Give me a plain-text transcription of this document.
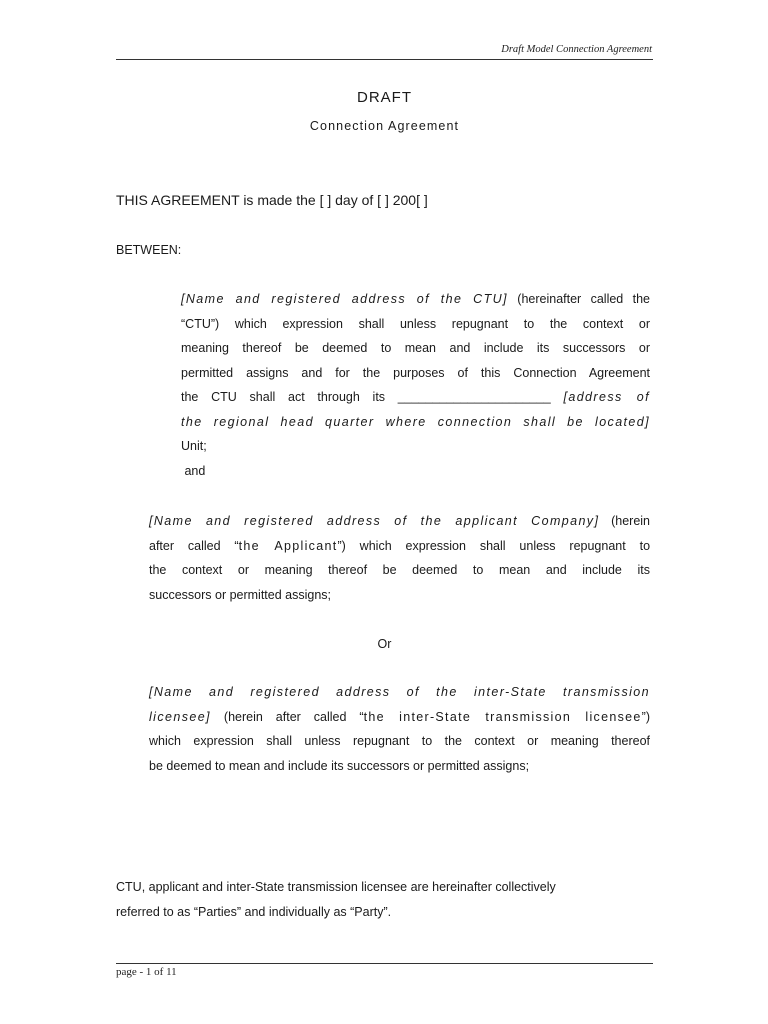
Draft Model Connection Agreement
DRAFT
Connection Agreement
THIS AGREEMENT is made the [ ] day of [ ] 200[ ]
BETWEEN:
[Name and registered address of the CTU] (hereinafter called the
“CTU”) which expression shall unless repugnant to the context or
meaning thereof be deemed to mean and include its successors or
permitted assigns and for the purposes of this Connection Agreement
the CTU shall act through its ______________________ [address of
the regional head quarter where connection shall be located]
Unit;
and
[Name and registered address of the applicant Company] (herein
after called “the Applicant”) which expression shall unless repugnant to
the context or meaning thereof be deemed to mean and include its
successors or permitted assigns;
Or
[Name and registered address of the inter-State transmission
licensee] (herein after called “the inter-State transmission licensee”)
which expression shall unless repugnant to the context or meaning thereof
be deemed to mean and include its successors or permitted assigns;
CTU, applicant and inter-State transmission licensee are hereinafter collectively
referred to as “Parties” and individually as “Party”.
page - 1 of 11
